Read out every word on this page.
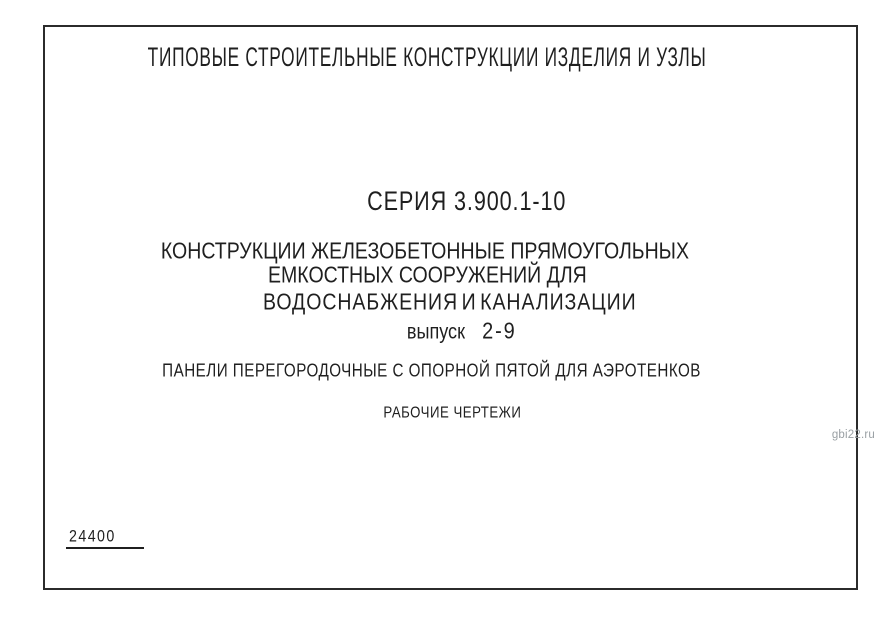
ТИПОВЫЕ СТРОИТЕЛЬНЫЕ КОНСТРУКЦИИ ИЗДЕЛИЯ И УЗЛЫ
СЕРИЯ 3.900.1-10
КОНСТРУКЦИИ ЖЕЛЕЗОБЕТОННЫЕ ПРЯМОУГОЛЬНЫХ
ЕМКОСТНЫХ СООРУЖЕНИЙ ДЛЯ
ВОДОСНАБЖЕНИЯ И КАНАЛИЗАЦИИ
выпуск 2-9
ПАНЕЛИ ПЕРЕГОРОДОЧНЫЕ С ОПОРНОЙ ПЯТОЙ ДЛЯ АЭРОТЕНКОВ
РАБОЧИЕ ЧЕРТЕЖИ
gbi22.ru
24400
